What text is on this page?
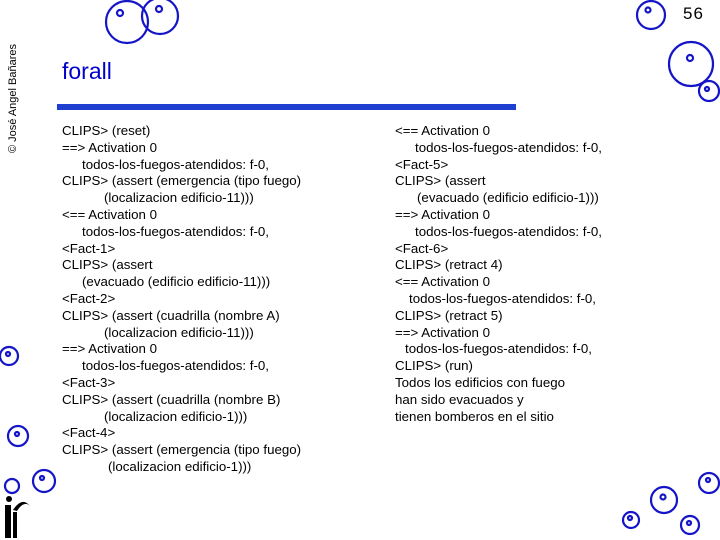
© José Angel Bañares
56
forall
CLIPS> (reset)
==> Activation 0
todos-los-fuegos-atendidos: f-0,
CLIPS> (assert (emergencia (tipo fuego)
(localizacion edificio-11)))
<== Activation 0
todos-los-fuegos-atendidos: f-0,
<Fact-1>
CLIPS> (assert
(evacuado (edificio edificio-11)))
<Fact-2>
CLIPS> (assert (cuadrilla (nombre A)
(localizacion edificio-11)))
==> Activation 0
todos-los-fuegos-atendidos: f-0,
<Fact-3>
CLIPS> (assert (cuadrilla (nombre B)
(localizacion edificio-1)))
<Fact-4>
CLIPS> (assert (emergencia (tipo fuego)
(localizacion edificio-1)))
<== Activation 0
todos-los-fuegos-atendidos: f-0,
<Fact-5>
CLIPS> (assert
(evacuado (edificio edificio-1)))
==> Activation 0
todos-los-fuegos-atendidos: f-0,
<Fact-6>
CLIPS> (retract 4)
<== Activation 0
todos-los-fuegos-atendidos: f-0,
CLIPS> (retract 5)
==> Activation 0
todos-los-fuegos-atendidos: f-0,
CLIPS> (run)
Todos los edificios con fuego
han sido evacuados y
tienen bomberos en el sitio
